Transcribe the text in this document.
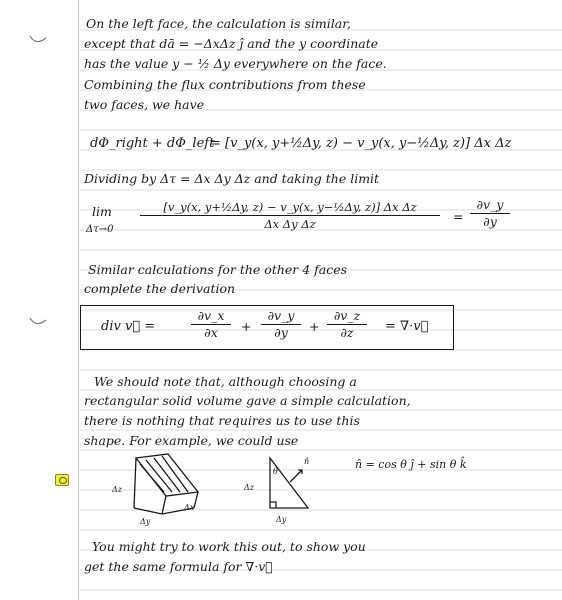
On the left face, the calculation is similar,
except that dā = −ΔxΔz ĵ and the y coordinate
has the value y − ½ Δy everywhere on the face.
Combining the flux contributions from these
two faces, we have
dΦ_right + dΦ_left
= [v_y(x, y+½Δy, z) − v_y(x, y−½Δy, z)] Δx Δz
Dividing by Δτ = Δx Δy Δz and taking the limit
lim
Δτ→0
[v_y(x, y+½Δy, z) − v_y(x, y−½Δy, z)] Δx Δz
Δx Δy Δz	=
∂v_y
∂y
Similar calculations for the other 4 faces
complete the derivation
div v⃗ =
∂v_x
∂x	+
∂v_y
∂y	+
∂v_z
∂z	= ∇·v⃗
We should note that, although choosing a
rectangular solid volume gave a simple calculation,
there is nothing that requires us to use this
shape. For example, we could use
Δz
Δy
Δx
θ
Δz
Δy
n̂	n̂ = cos θ ĵ + sin θ k̂
You might try to work this out, to show you
get the same formula for ∇·v⃗
